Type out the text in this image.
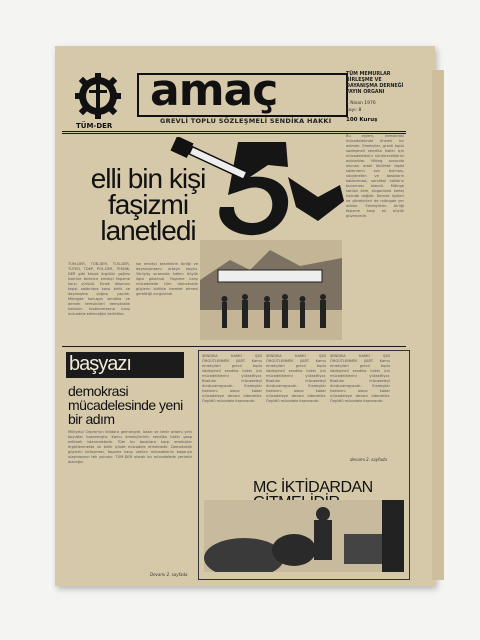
TÜM-DER
amaç
GREVLİ TOPLU SÖZLEŞMELİ SENDİKA HAKKI
TÜM MEMURLAR BİRLEŞME VE DAYANIŞMA DERNEĞİ YAYIN ORGANI
1 Nisan 1976
Sayı: 8
100 Kuruş
elli bin kişi faşizmi lanetledi
TÜM-DER, TÖB-DER, TÜS-DER, TÜTED, TDKP, POL-DER, TEKNİK-DER gibi birçok örgütün çağrısı üzerine binlerce emekçi faşizme karşı yürüdü. Emek düşmanı faşist saldırılara karşı birlik ve dayanışma çağrısı yapıldı. Mitingde konuşan sendika ve dernek temsilcileri demokratik hakların kısıtlanmasına karşı mücadele edileceğini belirttiler.
ise emekçi kesimlerin birliği ve dayanışmasını ortaya koydu. Yürüyüş sırasında halkın büyük ilgisi gözlendi. Faşizme karşı mücadelede tüm demokratik güçlerin birlikte hareket etmesi gerektiği vurgulandı.
Bu eylem, demokrasi mücadelesinde önemli bir adımdır. Emekçiler, grevli toplu sözleşmeli sendika hakkı için mücadelelerini sürdüreceklerini açıkladılar. Miting sonunda okunan ortak bildiride faşist saldırıların son bulması, sıkıyönetim ve baskıların kaldırılması, sendikal hakların tanınması istendi. Mitinge katılan kitle, sloganlarla kortej halinde dağıldı. Dernek üyeleri ve yöneticileri de mitingde yer aldılar. Emekçilerin birliği faşizme karşı en büyük güvencedir.
başyazı
demokrasi mücadelesinde yeni bir adım
Milliyetçi Cephe'nin iktidara gelmesiyle, baskı ve terör ortamı yeni boyutlar kazanmıştır. Kamu emekçilerinin sendika hakkı gasp edilmek istenmektedir. Tüm bu baskılara karşı emekçiler örgütlenmekte ve birlik içinde mücadele etmektedir. Demokratik güçlerin birleşmesi, faşizme karşı verilen mücadelenin başarıya ulaşmasının tek yoludur. TÜM-DER olarak bu mücadelede yerimizi alacağız.
Devamı 2. sayfada
SENDİKA HAKKI İÇİN ÖRGÜTLENMEK ŞART. Kamu emekçileri grevli toplu sözleşmeli sendika hakkı için mücadelelerini yükseltiyor. Baskılar mücadeleyi durduramayacak. Emekçiler haklarını alana kadar mücadeleye devam edecekler. Örgütlü mücadele kazanacak.
SENDİKA HAKKI İÇİN ÖRGÜTLENMEK ŞART. Kamu emekçileri grevli toplu sözleşmeli sendika hakkı için mücadelelerini yükseltiyor. Baskılar mücadeleyi durduramayacak. Emekçiler haklarını alana kadar mücadeleye devam edecekler. Örgütlü mücadele kazanacak.
SENDİKA HAKKI İÇİN ÖRGÜTLENMEK ŞART. Kamu emekçileri grevli toplu sözleşmeli sendika hakkı için mücadelelerini yükseltiyor. Baskılar mücadeleyi durduramayacak. Emekçiler haklarını alana kadar mücadeleye devam edecekler. Örgütlü mücadele kazanacak.
devamı 2. sayfada
MC İKTİDARDAN
